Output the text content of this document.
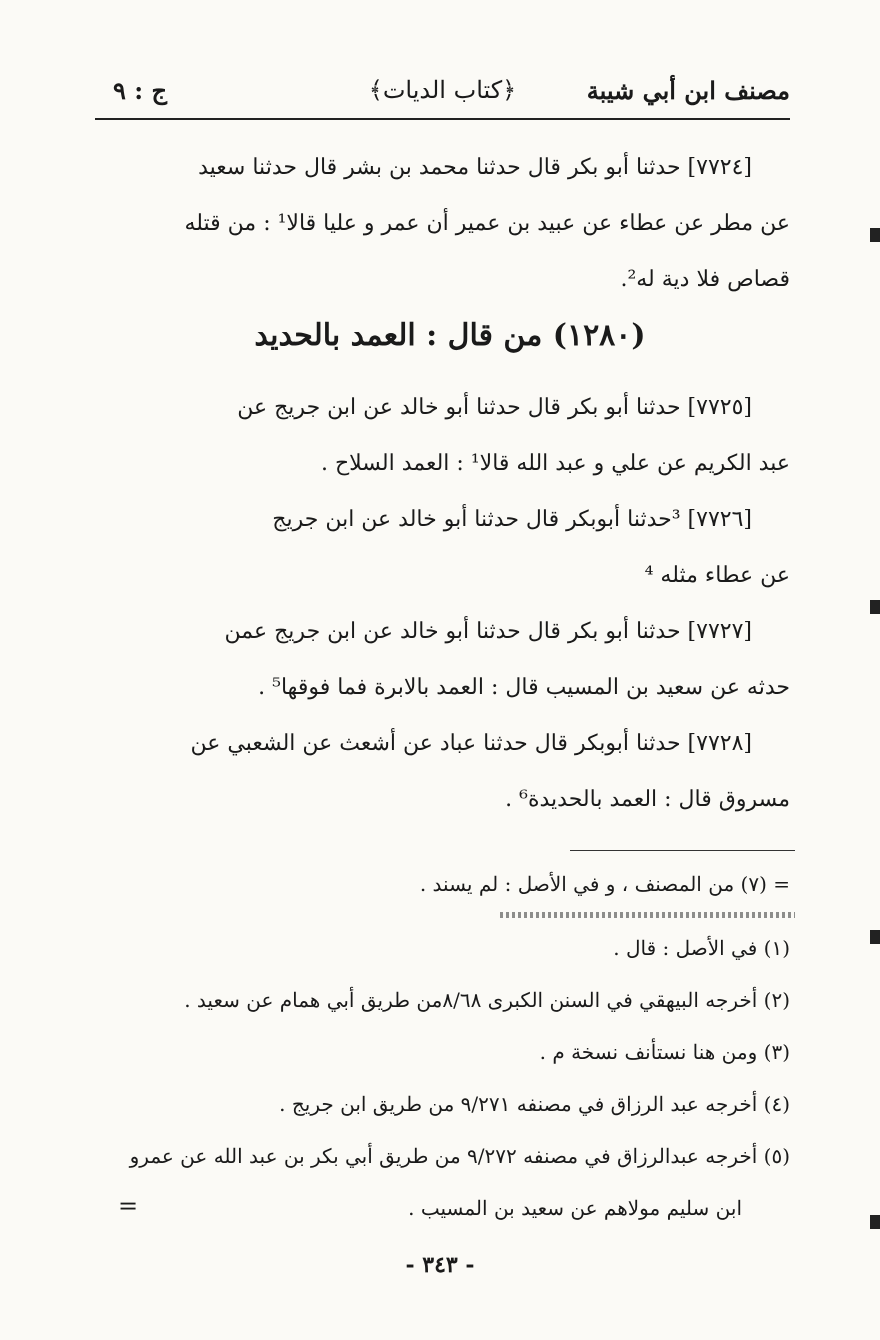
مصنف ابن أبي شيبة
﴿كتاب الديات﴾
ج : ٩

[٧٧٢٤] حدثنا أبو بكر قال حدثنا محمد بن بشر قال حدثنا سعيد

عن مطر عن عطاء عن عبيد بن عمير أن عمر و عليا قالا¹ : من قتله

قصاص فلا دية له².

(١٢٨٠) من قال : العمد بالحديد

[٧٧٢٥] حدثنا أبو بكر قال حدثنا أبو خالد عن ابن جريج عن

عبد الكريم عن علي و عبد الله قالا¹ : العمد السلاح .

[٧٧٢٦] ³حدثنا أبوبكر قال حدثنا أبو خالد عن ابن جريج

عن عطاء مثله ⁴

[٧٧٢٧] حدثنا أبو بكر قال حدثنا أبو خالد عن ابن جريج عمن

حدثه عن سعيد بن المسيب قال : العمد بالابرة فما فوقها⁵ .

[٧٧٢٨] حدثنا أبوبكر قال حدثنا عباد عن أشعث عن الشعبي عن

مسروق قال : العمد بالحديدة⁶ .

= (٧) من المصنف ، و في الأصل : لم يسند .

(١) في الأصل : قال .

(٢) أخرجه البيهقي في السنن الكبرى ٨/٦٨من طريق أبي همام عن سعيد .

(٣) ومن هنا نستأنف نسخة م .

(٤) أخرجه عبد الرزاق في مصنفه ٩/٢٧١ من طريق ابن جريج .

(٥) أخرجه عبدالرزاق في مصنفه ٩/٢٧٢ من طريق أبي بكر بن عبد الله عن عمرو

ابن سليم مولاهم عن سعيد بن المسيب .

=
- ٣٤٣ -
